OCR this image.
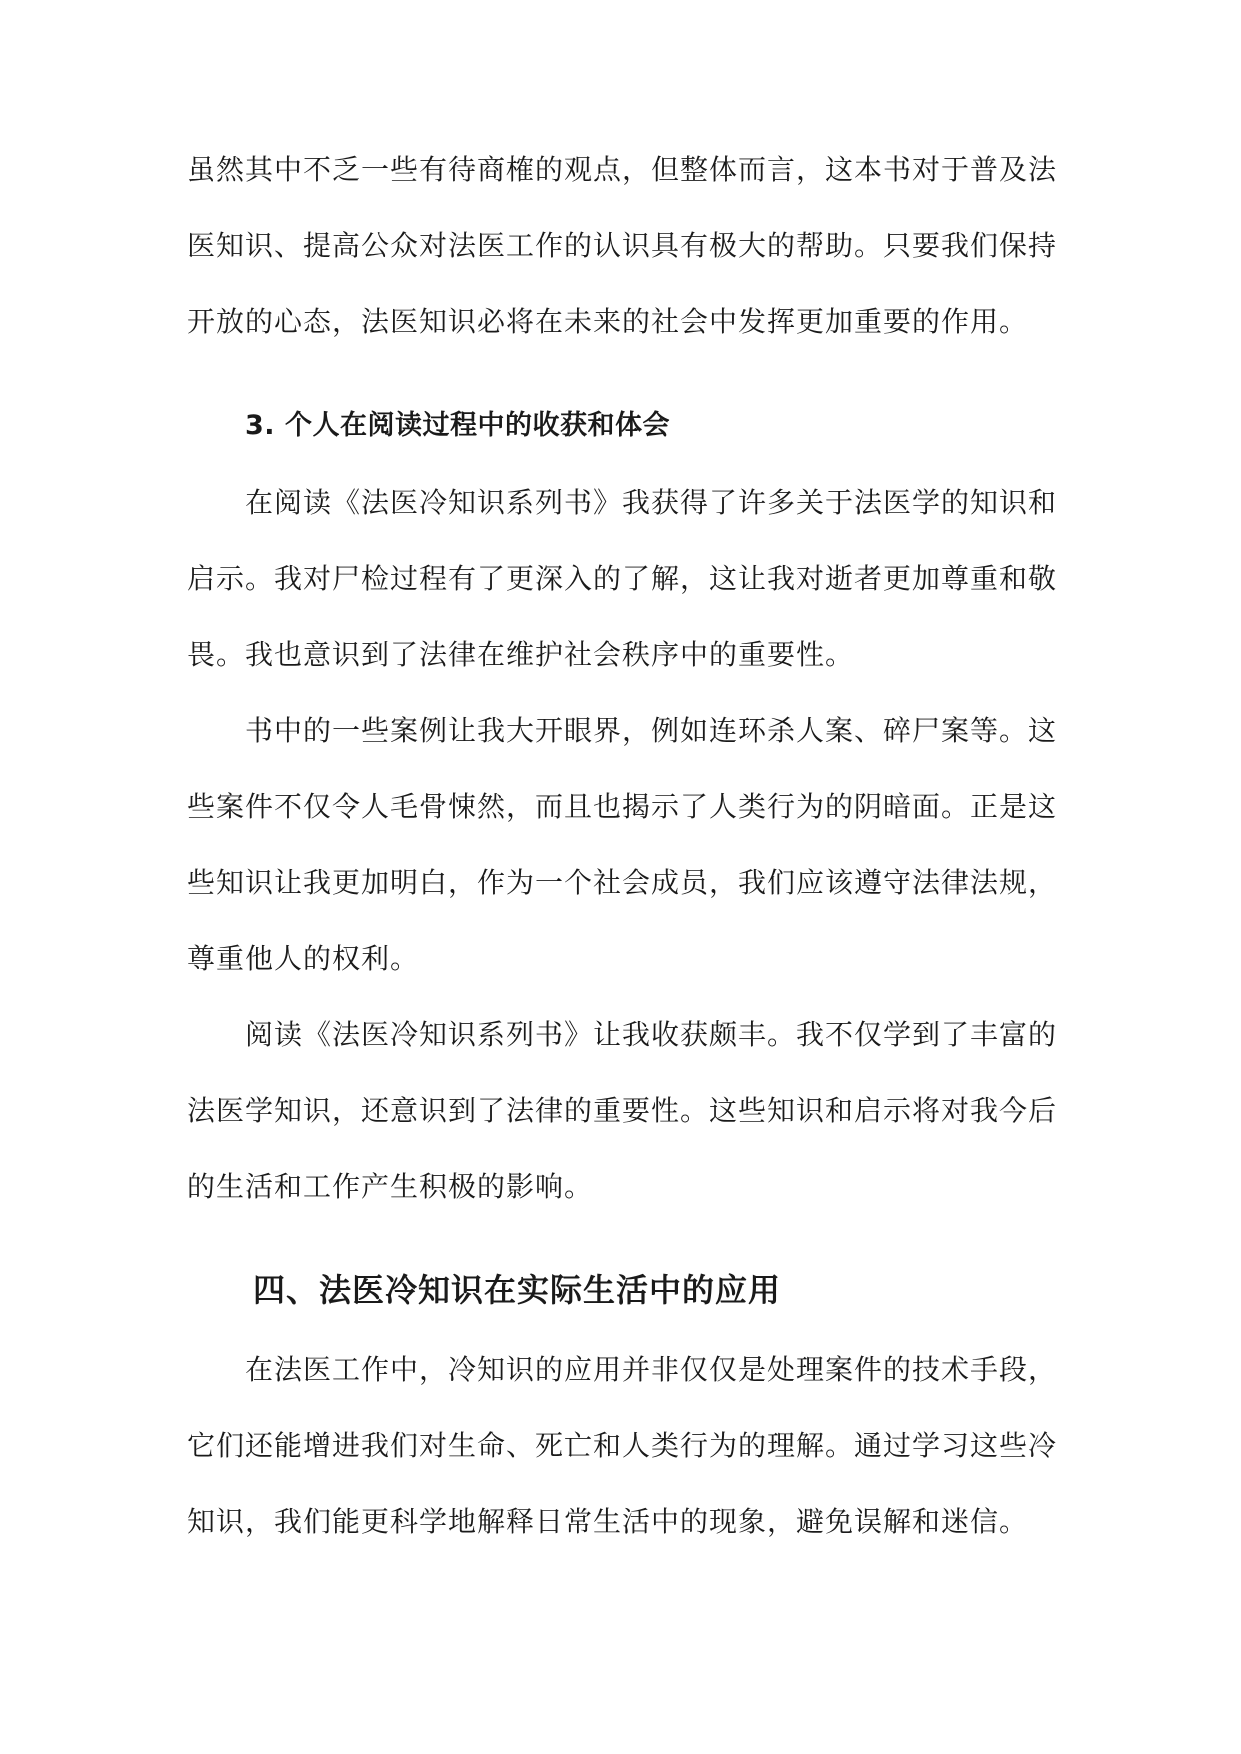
虽然其中不乏一些有待商榷的观点，但整体而言，这本书对于普及法
医知识、提高公众对法医工作的认识具有极大的帮助。只要我们保持
开放的心态，法医知识必将在未来的社会中发挥更加重要的作用。
3. 个人在阅读过程中的收获和体会
在阅读《法医冷知识系列书》我获得了许多关于法医学的知识和
启示。我对尸检过程有了更深入的了解，这让我对逝者更加尊重和敬
畏。我也意识到了法律在维护社会秩序中的重要性。
书中的一些案例让我大开眼界，例如连环杀人案、碎尸案等。这
些案件不仅令人毛骨悚然，而且也揭示了人类行为的阴暗面。正是这
些知识让我更加明白，作为一个社会成员，我们应该遵守法律法规，
尊重他人的权利。
阅读《法医冷知识系列书》让我收获颇丰。我不仅学到了丰富的
法医学知识，还意识到了法律的重要性。这些知识和启示将对我今后
的生活和工作产生积极的影响。
四、法医冷知识在实际生活中的应用
在法医工作中，冷知识的应用并非仅仅是处理案件的技术手段，
它们还能增进我们对生命、死亡和人类行为的理解。通过学习这些冷
知识，我们能更科学地解释日常生活中的现象，避免误解和迷信。
